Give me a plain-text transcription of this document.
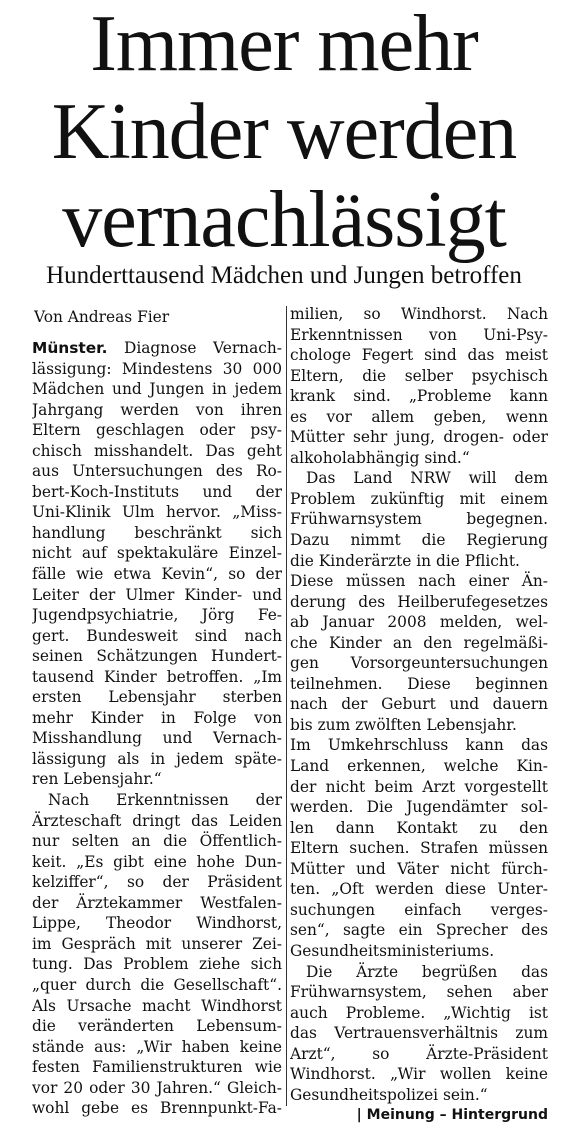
Immer mehr
Kinder werden
vernachlässigt
Hunderttausend Mädchen und Jungen betroffen
Von Andreas Fier
Münster. Diagnose Vernach-
lässigung: Mindestens 30 000
Mädchen und Jungen in jedem
Jahrgang werden von ihren
Eltern geschlagen oder psy-
chisch misshandelt. Das geht
aus Untersuchungen des Ro-
bert-Koch-Instituts und der
Uni-Klinik Ulm hervor. „Miss-
handlung beschränkt sich
nicht auf spektakuläre Einzel-
fälle wie etwa Kevin“, so der
Leiter der Ulmer Kinder- und
Jugendpsychiatrie, Jörg Fe-
gert. Bundesweit sind nach
seinen Schätzungen Hundert-
tausend Kinder betroffen. „Im
ersten Lebensjahr sterben
mehr Kinder in Folge von
Misshandlung und Vernach-
lässigung als in jedem späte-
ren Lebensjahr.“
Nach Erkenntnissen der
Ärzteschaft dringt das Leiden
nur selten an die Öffentlich-
keit. „Es gibt eine hohe Dun-
kelziffer“, so der Präsident
der Ärztekammer Westfalen-
Lippe, Theodor Windhorst,
im Gespräch mit unserer Zei-
tung. Das Problem ziehe sich
„quer durch die Gesellschaft“.
Als Ursache macht Windhorst
die veränderten Lebensum-
stände aus: „Wir haben keine
festen Familienstrukturen wie
vor 20 oder 30 Jahren.“ Gleich-
wohl gebe es Brennpunkt-Fa-
milien, so Windhorst. Nach
Erkenntnissen von Uni-Psy-
chologe Fegert sind das meist
Eltern, die selber psychisch
krank sind. „Probleme kann
es vor allem geben, wenn
Mütter sehr jung, drogen- oder
alkoholabhängig sind.“
Das Land NRW will dem
Problem zukünftig mit einem
Frühwarnsystem begegnen.
Dazu nimmt die Regierung
die Kinderärzte in die Pflicht.
Diese müssen nach einer Än-
derung des Heilberufegesetzes
ab Januar 2008 melden, wel-
che Kinder an den regelmäßi-
gen Vorsorgeuntersuchungen
teilnehmen. Diese beginnen
nach der Geburt und dauern
bis zum zwölften Lebensjahr.
Im Umkehrschluss kann das
Land erkennen, welche Kin-
der nicht beim Arzt vorgestellt
werden. Die Jugendämter sol-
len dann Kontakt zu den
Eltern suchen. Strafen müssen
Mütter und Väter nicht fürch-
ten. „Oft werden diese Unter-
suchungen einfach verges-
sen“, sagte ein Sprecher des
Gesundheitsministeriums.
Die Ärzte begrüßen das
Frühwarnsystem, sehen aber
auch Probleme. „Wichtig ist
das Vertrauensverhältnis zum
Arzt“, so Ärzte-Präsident
Windhorst. „Wir wollen keine
Gesundheitspolizei sein.“
| Meinung – Hintergrund
